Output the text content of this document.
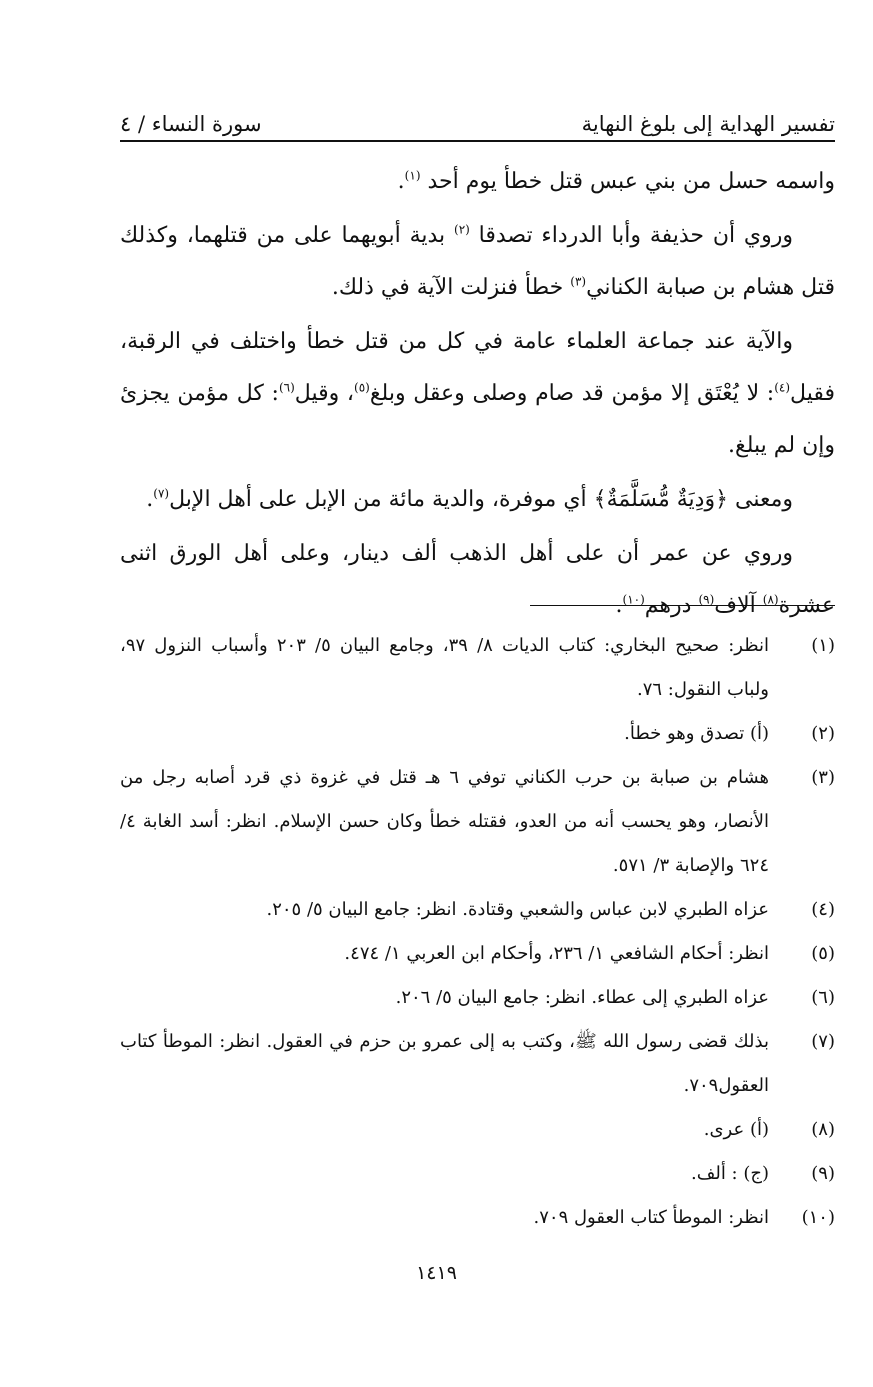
تفسير الهداية إلى بلوغ النهاية
سورة النساء / ٤

واسمه حسل من بني عبس قتل خطأ يوم أحد $^{(١)}$.

وروي أن حذيفة وأبا الدرداء تصدقا $^{(٢)}$ بدية أبويهما على من قتلهما، وكذلك قتل هشام بن صبابة الكناني$^{(٣)}$ خطأ فنزلت الآية في ذلك.

والآية عند جماعة العلماء عامة في كل من قتل خطأ واختلف في الرقبة، فقيل$^{(٤)}$: لا يُعْتَق إلا مؤمن قد صام وصلى وعقل وبلغ$^{(٥)}$، وقيل$^{(٦)}$: كل مؤمن يجزئ وإن لم يبلغ.

ومعنى ﴿وَدِيَةٌ مُّسَلَّمَةٌ﴾ أي موفرة، والدية مائة من الإبل على أهل الإبل$^{(٧)}$.

وروي عن عمر أن على أهل الذهب ألف دينار، وعلى أهل الورق اثنى عشرة$^{(٨)}$ آلاف$^{(٩)}$ درهم$^{(١٠)}$.

(١)
انظر: صحيح البخاري: كتاب الديات ٨/ ٣٩، وجامع البيان ٥/ ٢٠٣ وأسباب النزول ٩٧، ولباب النقول: ٧٦.
(٢)
(أ) تصدق وهو خطأ.
(٣)
هشام بن صبابة بن حرب الكناني توفي ٦ هـ قتل في غزوة ذي قرد أصابه رجل من الأنصار، وهو يحسب أنه من العدو، فقتله خطأ وكان حسن الإسلام. انظر: أسد الغابة ٤/ ٦٢٤ والإصابة ٣/ ٥٧١.
(٤)
عزاه الطبري لابن عباس والشعبي وقتادة. انظر: جامع البيان ٥/ ٢٠٥.
(٥)
انظر: أحكام الشافعي ١/ ٢٣٦، وأحكام ابن العربي ١/ ٤٧٤.
(٦)
عزاه الطبري إلى عطاء. انظر: جامع البيان ٥/ ٢٠٦.
(٧)
بذلك قضى رسول الله ﷺ، وكتب به إلى عمرو بن حزم في العقول. انظر: الموطأ كتاب العقول٧٠٩.
(٨)
(أ) عرى.
(٩)
(ج) : ألف.
(١٠)
انظر: الموطأ كتاب العقول ٧٠٩.
١٤١٩
